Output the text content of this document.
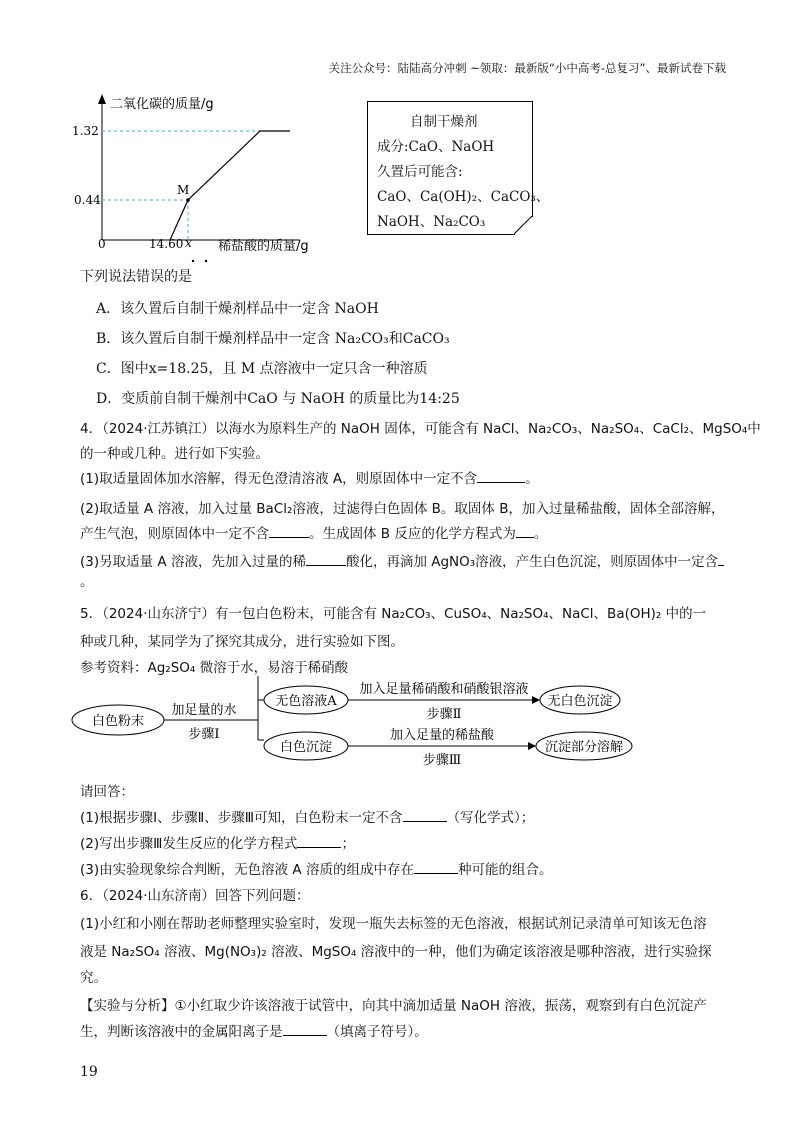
关注公众号：陆陆高分冲刺 ~领取：最新版“小中高考-总复习”、最新试卷下载
二氧化碳的质量/g
1.32
0.44
0	14.60 x
M
稀盐酸的质量/g
自制干燥剂
成分:CaO、NaOH
久置后可能含:
CaO、Ca(OH)₂、CaCO₃、
NaOH、Na₂CO₃
下列说法错误的是
A．该久置后自制干燥剂样品中一定含 NaOH
B．该久置后自制干燥剂样品中一定含 Na₂CO₃和CaCO₃
C．图中x=18.25，且 M 点溶液中一定只含一种溶质
D．变质前自制干燥剂中CaO 与 NaOH 的质量比为14:25
4．（2024·江苏镇江）以海水为原料生产的 NaOH 固体，可能含有 NaCl、Na₂CO₃、Na₂SO₄、CaCl₂、MgSO₄中
的一种或几种。进行如下实验。
(1)取适量固体加水溶解，得无色澄清溶液 A，则原固体中一定不含	。
(2)取适量 A 溶液，加入过量 BaCl₂溶液，过滤得白色固体 B。取固体 B，加入过量稀盐酸，固体全部溶解，
产生气泡，则原固体中一定不含	。生成固体 B 反应的化学方程式为 。
(3)另取适量 A 溶液，先加入过量的稀	酸化，再滴加 AgNO₃溶液，产生白色沉淀，则原固体中一定含
。
5．（2024·山东济宁）有一包白色粉末，可能含有 Na₂CO₃、CuSO₄、Na₂SO₄、NaCl、Ba(OH)₂ 中的一
种或几种，某同学为了探究其成分，进行实验如下图。
参考资料：Ag₂SO₄ 微溶于水，易溶于稀硝酸
白色粉末
加足量的水
步骤Ⅰ
无色溶液A
加入足量稀硝酸和硝酸银溶液
步骤Ⅱ
无白色沉淀
白色沉淀
加入足量的稀盐酸
步骤Ⅲ
沉淀部分溶解
请回答：
(1)根据步骤Ⅰ、步骤Ⅱ、步骤Ⅲ可知，白色粉末一定不含	（写化学式）；
(2)写出步骤Ⅲ发生反应的化学方程式	；
(3)由实验现象综合判断，无色溶液 A 溶质的组成中存在	种可能的组合。
6．（2024·山东济南）回答下列问题：
(1)小红和小刚在帮助老师整理实验室时，发现一瓶失去标签的无色溶液，根据试剂记录清单可知该无色溶
液是 Na₂SO₄ 溶液、Mg(NO₃)₂ 溶液、MgSO₄ 溶液中的一种，他们为确定该溶液是哪种溶液，进行实验探
究。
【实验与分析】①小红取少许该溶液于试管中，向其中滴加适量 NaOH 溶液，振荡，观察到有白色沉淀产
生，判断该溶液中的金属阳离子是	（填离子符号）。
19
